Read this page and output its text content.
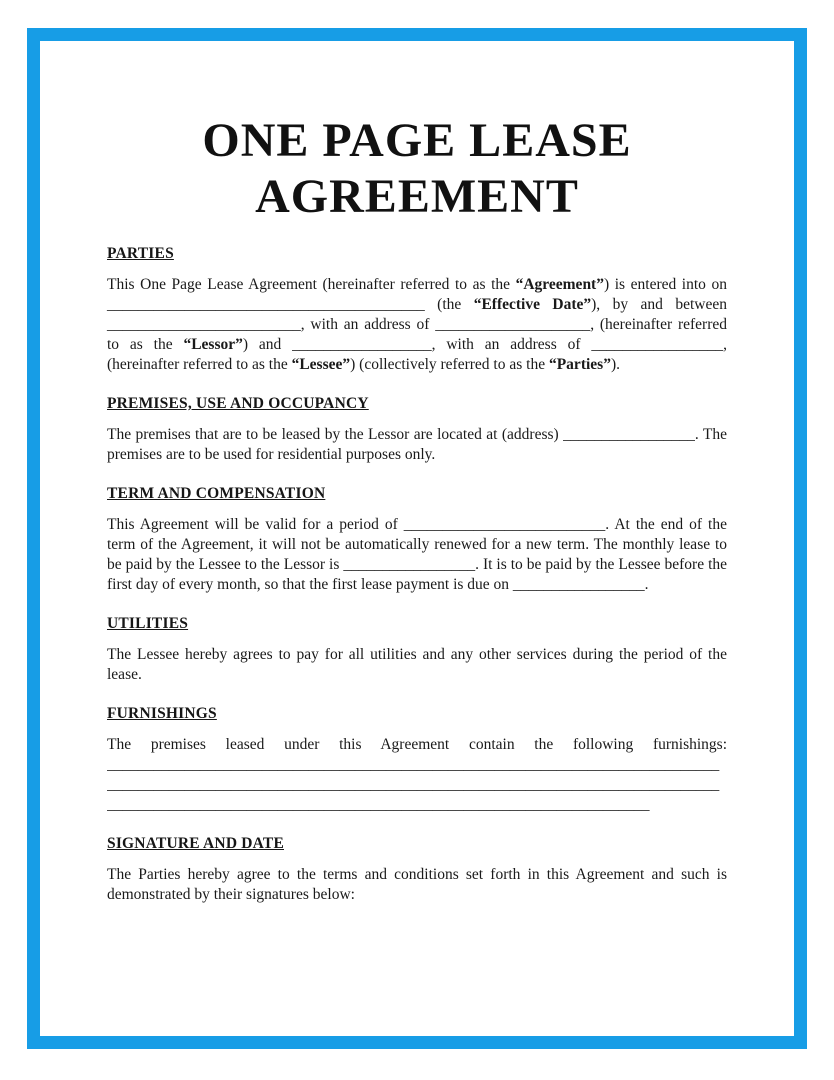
ONE PAGE LEASE AGREEMENT
PARTIES

This One Page Lease Agreement (hereinafter referred to as the “Agreement”) is entered into on _________________________________________ (the “Effective Date”), by and between _________________________, with an address of ____________________, (hereinafter referred to as the “Lessor”) and __________________, with an address of _________________, (hereinafter referred to as the “Lessee”) (collectively referred to as the “Parties”).

PREMISES, USE AND OCCUPANCY

The premises that are to be leased by the Lessor are located at (address) _________________. The premises are to be used for residential purposes only.

TERM AND COMPENSATION

This Agreement will be valid for a period of __________________________. At the end of the term of the Agreement, it will not be automatically renewed for a new term. The monthly lease to be paid by the Lessee to the Lessor is _________________. It is to be paid by the Lessee before the first day of every month, so that the first lease payment is due on _________________.

UTILITIES

The Lessee hereby agrees to pay for all utilities and any other services during the period of the lease.

FURNISHINGS

The premises leased under this Agreement contain the following furnishings:

_______________________________________________________________________________
_______________________________________________________________________________
______________________________________________________________________
SIGNATURE AND DATE

The Parties hereby agree to the terms and conditions set forth in this Agreement and such is demonstrated by their signatures below:
